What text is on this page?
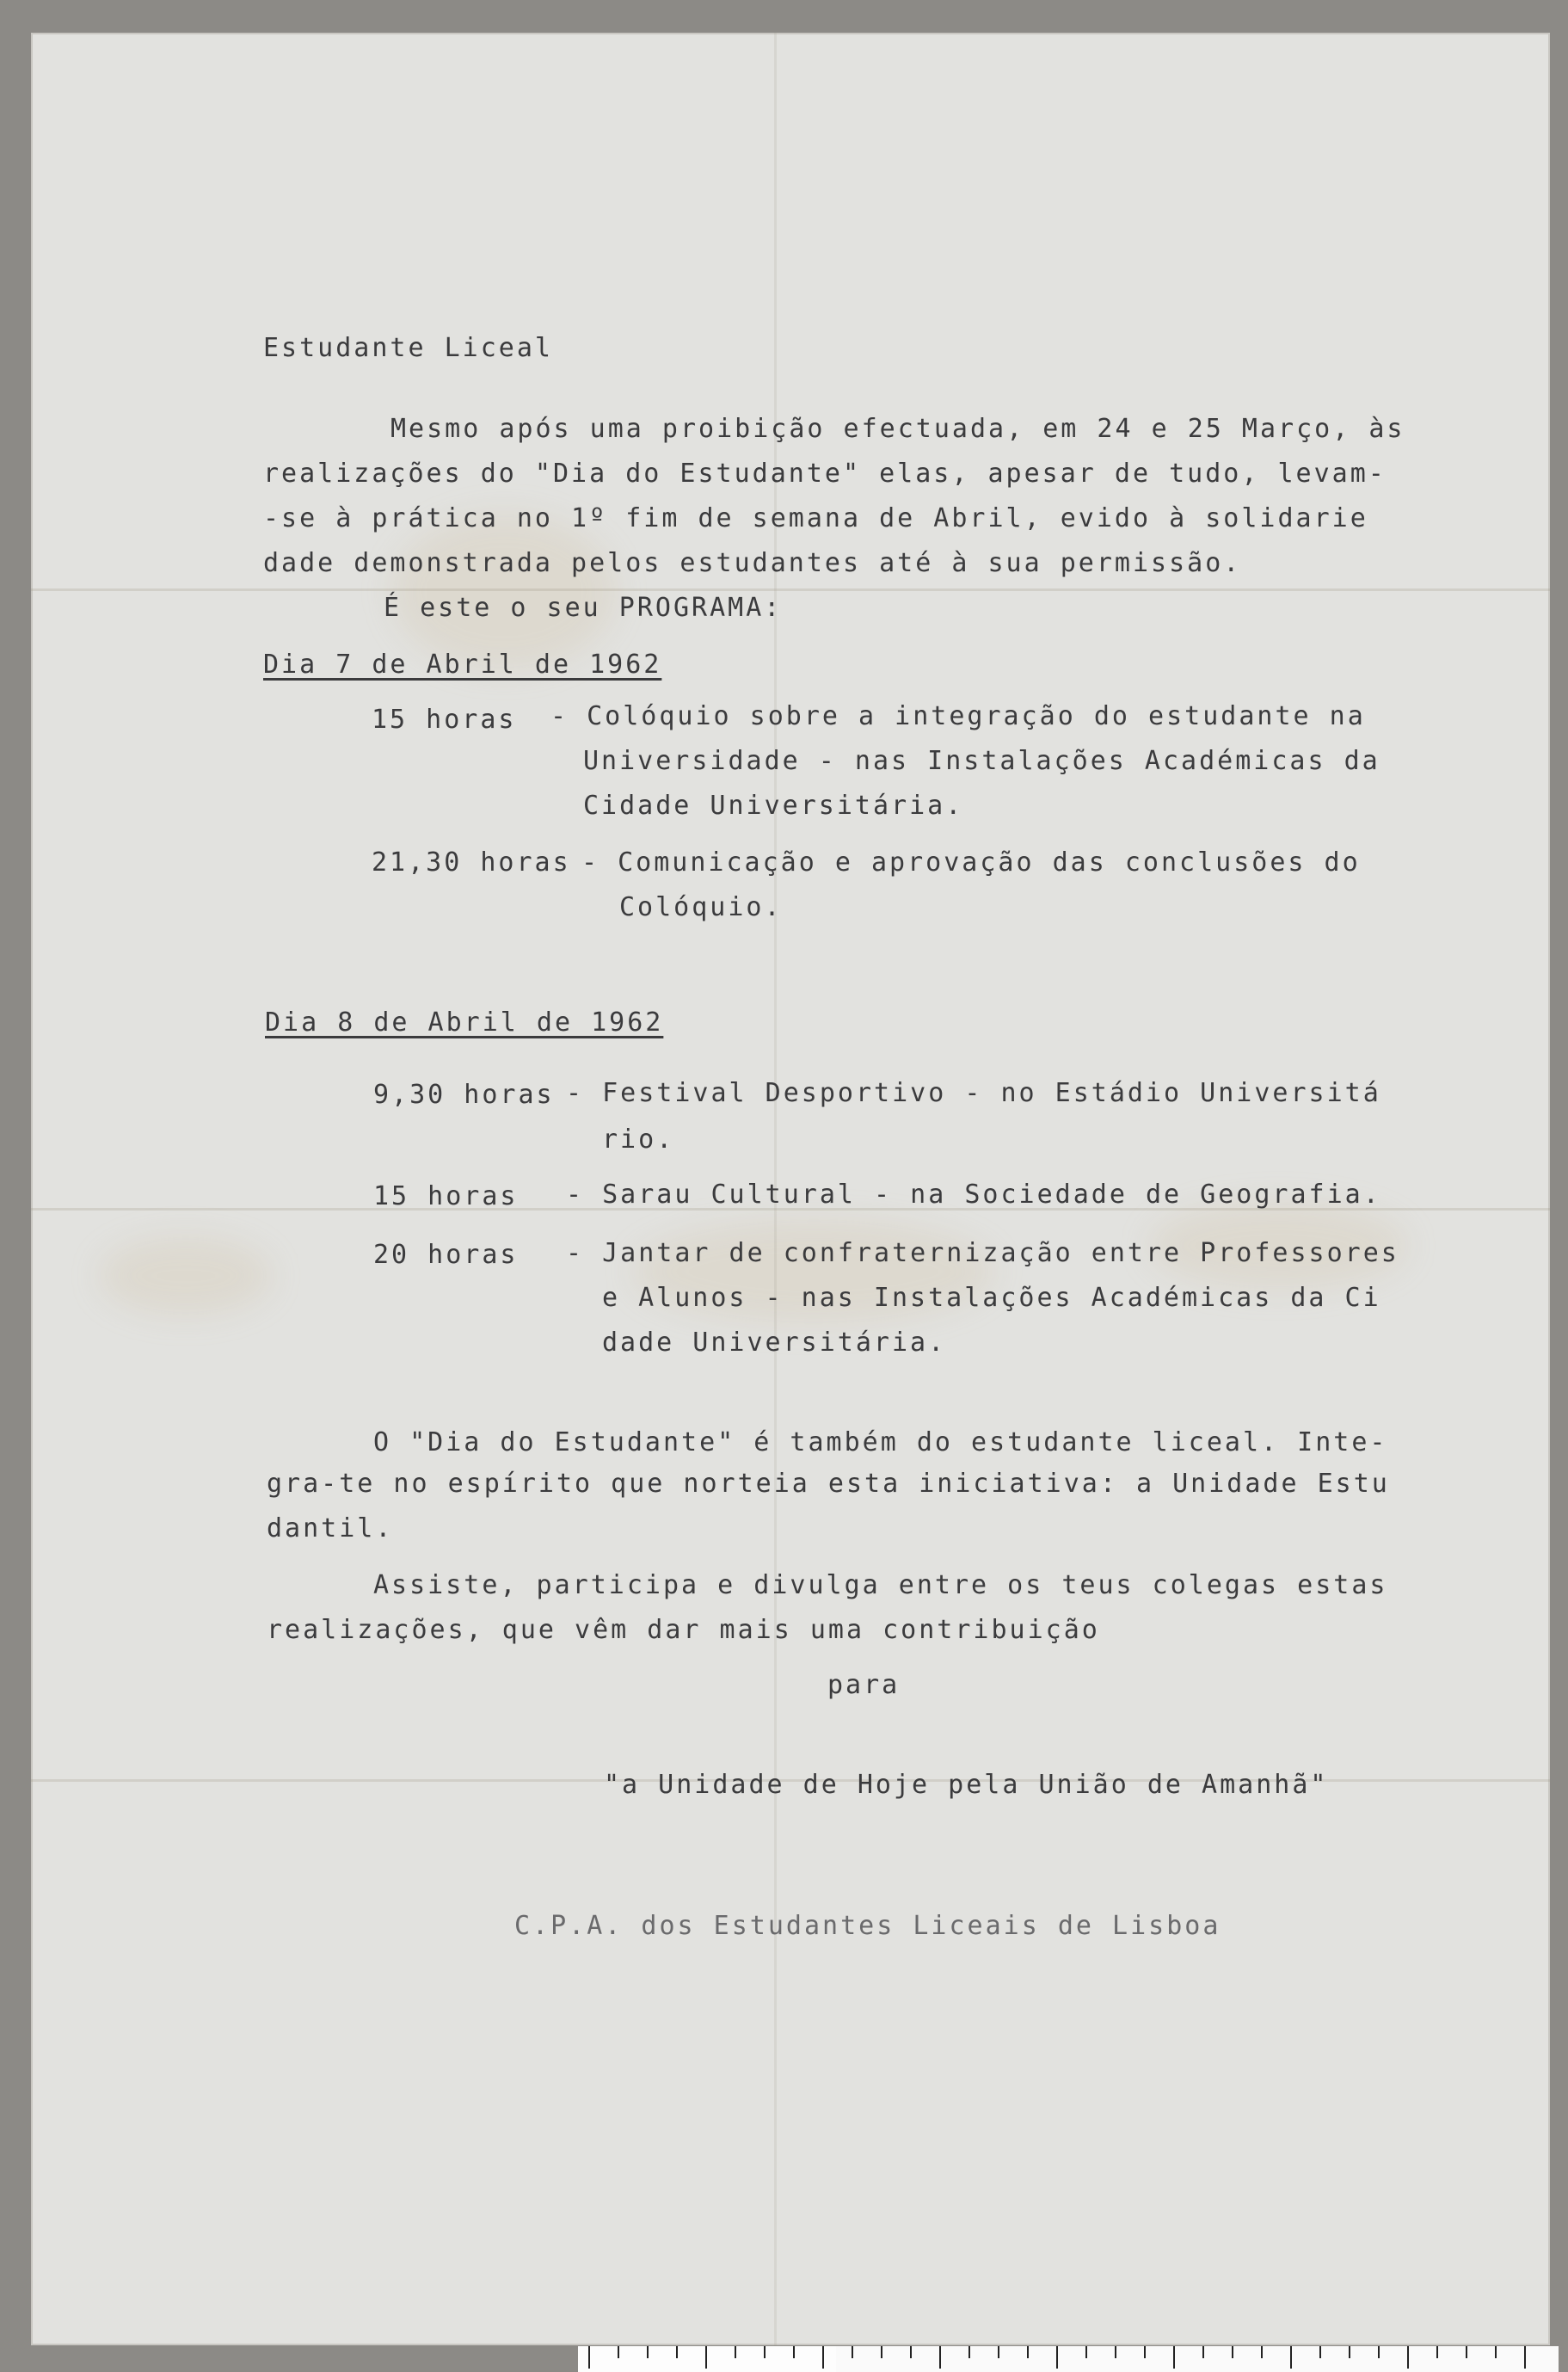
Estudante Liceal
Mesmo após uma proibição efectuada, em 24 e 25 Março, às
realizações do "Dia do Estudante" elas, apesar de tudo, levam-
-se à prática no 1º fim de semana de Abril, evido à solidarie
dade demonstrada pelos estudantes até à sua permissão.
É este o seu PROGRAMA:
Dia 7 de Abril de 1962
15 horas - Colóquio sobre a integração do estudante na
Universidade - nas Instalações Académicas da
Cidade Universitária.
21,30 horas - Comunicação e aprovação das conclusões do
Colóquio.
Dia 8 de Abril de 1962
9,30 horas - Festival Desportivo - no Estádio Universitá
rio.
15 horas - Sarau Cultural - na Sociedade de Geografia.
20 horas - Jantar de confraternização entre Professores
e Alunos - nas Instalações Académicas da Ci
dade Universitária.
O "Dia do Estudante" é também do estudante liceal. Inte-
gra-te no espírito que norteia esta iniciativa: a Unidade Estu
dantil.
Assiste, participa e divulga entre os teus colegas estas
realizações, que vêm dar mais uma contribuição
para
"a Unidade de Hoje pela União de Amanhã"
C.P.A. dos Estudantes Liceais de Lisboa
